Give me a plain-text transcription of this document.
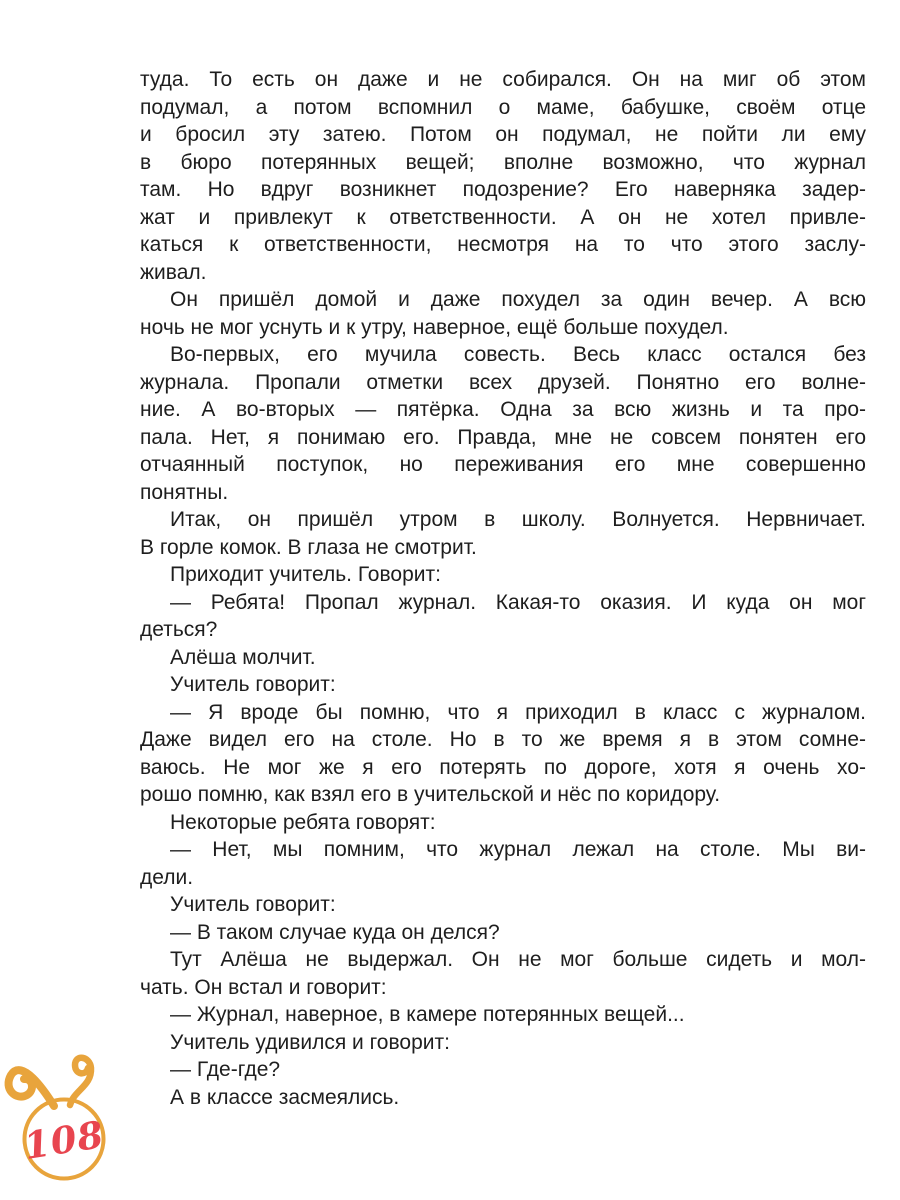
туда. То есть он даже и не собирался. Он на миг об этом
подумал, а потом вспомнил о маме, бабушке, своём отце
и бросил эту затею. Потом он подумал, не пойти ли ему
в бюро потерянных вещей; вполне возможно, что журнал
там. Но вдруг возникнет подозрение? Его наверняка задер-
жат и привлекут к ответственности. А он не хотел привле-
каться к ответственности, несмотря на то что этого заслу-
живал.
Он пришёл домой и даже похудел за один вечер. А всю
ночь не мог уснуть и к утру, наверное, ещё больше похудел.
Во-первых, его мучила совесть. Весь класс остался без
журнала. Пропали отметки всех друзей. Понятно его волне-
ние. А во-вторых — пятёрка. Одна за всю жизнь и та про-
пала. Нет, я понимаю его. Правда, мне не совсем понятен его
отчаянный поступок, но переживания его мне совершенно
понятны.
Итак, он пришёл утром в школу. Волнуется. Нервничает.
В горле комок. В глаза не смотрит.
Приходит учитель. Говорит:
— Ребята! Пропал журнал. Какая-то оказия. И куда он мог
деться?
Алёша молчит.
Учитель говорит:
— Я вроде бы помню, что я приходил в класс с журналом.
Даже видел его на столе. Но в то же время я в этом сомне-
ваюсь. Не мог же я его потерять по дороге, хотя я очень хо-
рошо помню, как взял его в учительской и нёс по коридору.
Некоторые ребята говорят:
— Нет, мы помним, что журнал лежал на столе. Мы ви-
дели.
Учитель говорит:
— В таком случае куда он делся?
Тут Алёша не выдержал. Он не мог больше сидеть и мол-
чать. Он встал и говорит:
— Журнал, наверное, в камере потерянных вещей...
Учитель удивился и говорит:
— Где-где?
А в классе засмеялись.
108
